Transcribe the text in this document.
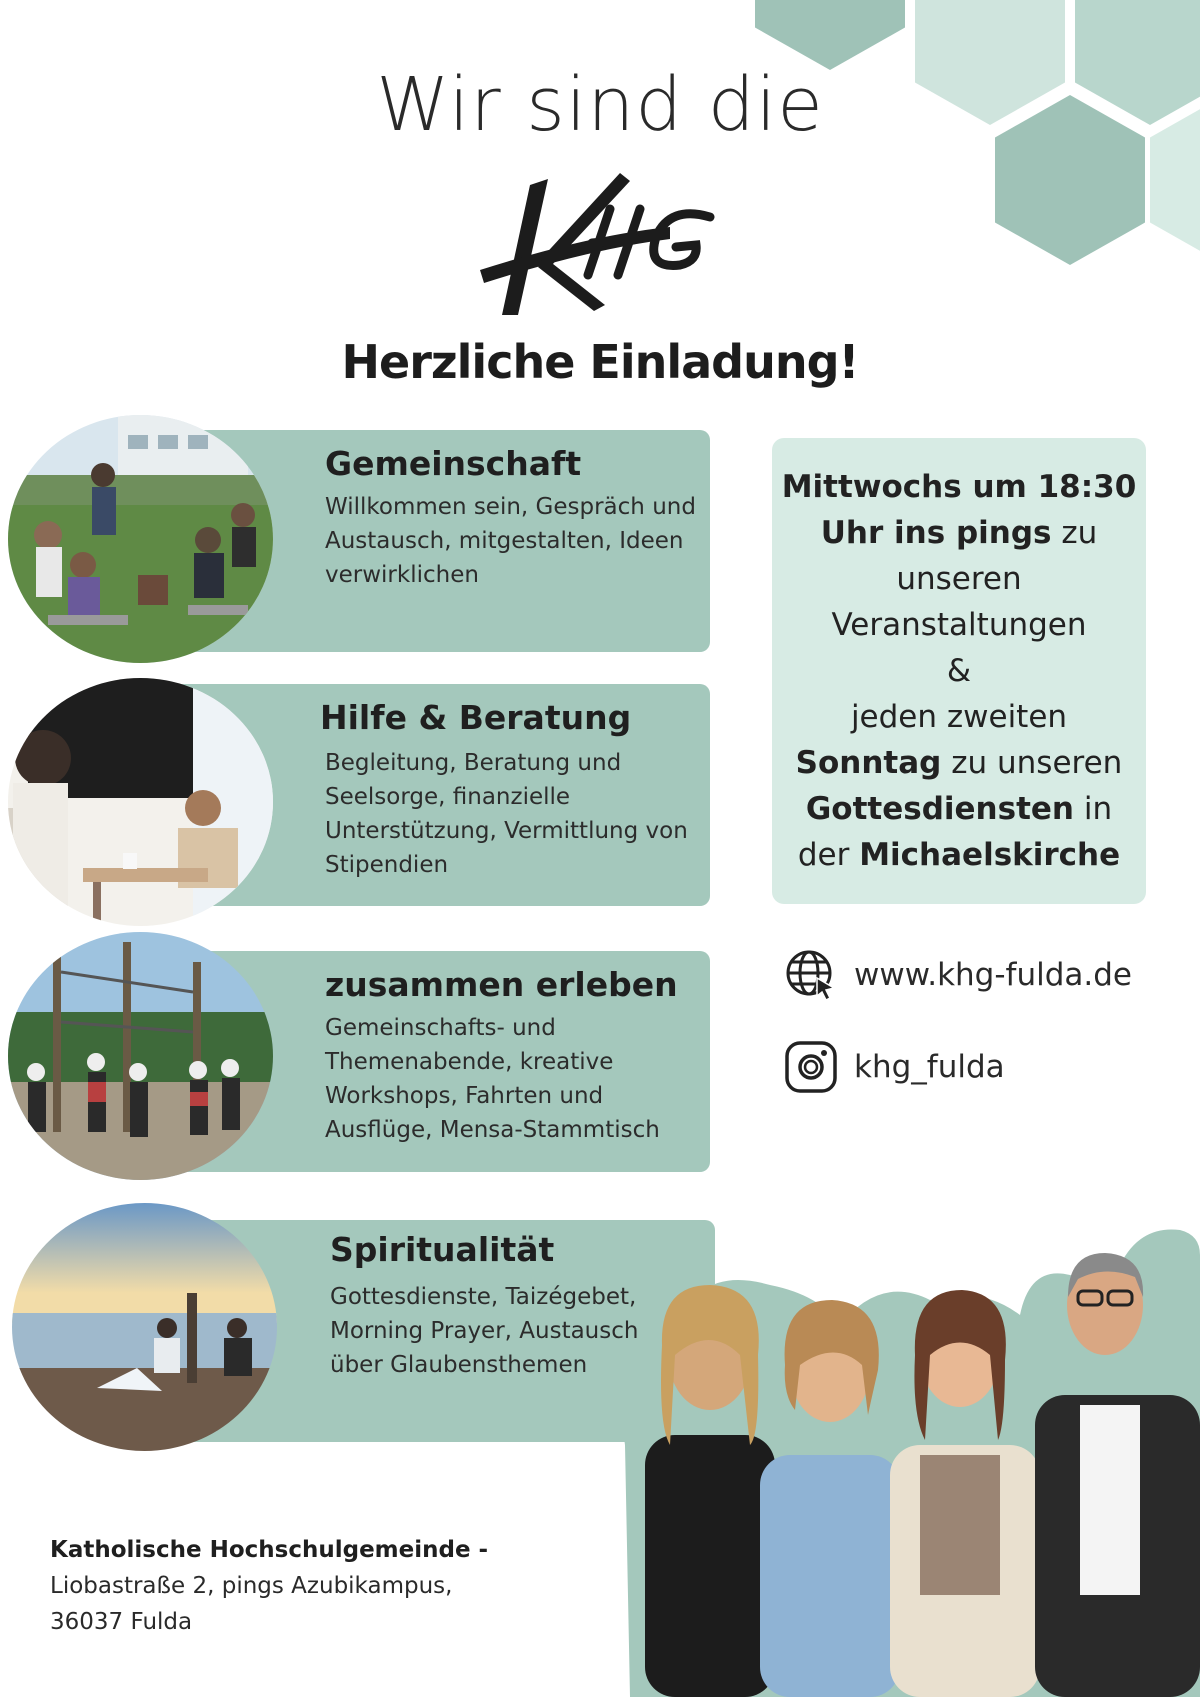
Wir sind die
Herzliche Einladung!
Gemeinschaft
Willkommen sein, Gespräch und Austausch, mitgestalten, Ideen verwirklichen
Hilfe & Beratung
Begleitung, Beratung und Seelsorge, finanzielle Unterstützung, Vermittlung von Stipendien
zusammen erleben
Gemeinschafts- und Themenabende, kreative Workshops, Fahrten und Ausflüge, Mensa-Stammtisch
Spiritualität
Gottesdienste, Taizégebet, Morning Prayer, Austausch über Glaubensthemen
Mittwochs um 18:30
Uhr ins pings zu
unseren
Veranstaltungen
&
jeden zweiten
Sonntag zu unseren
Gottesdiensten in
der Michaelskirche
www.khg-fulda.de
khg_fulda
Katholische Hochschulgemeinde -
Liobastraße 2, pings Azubikampus,
36037 Fulda
